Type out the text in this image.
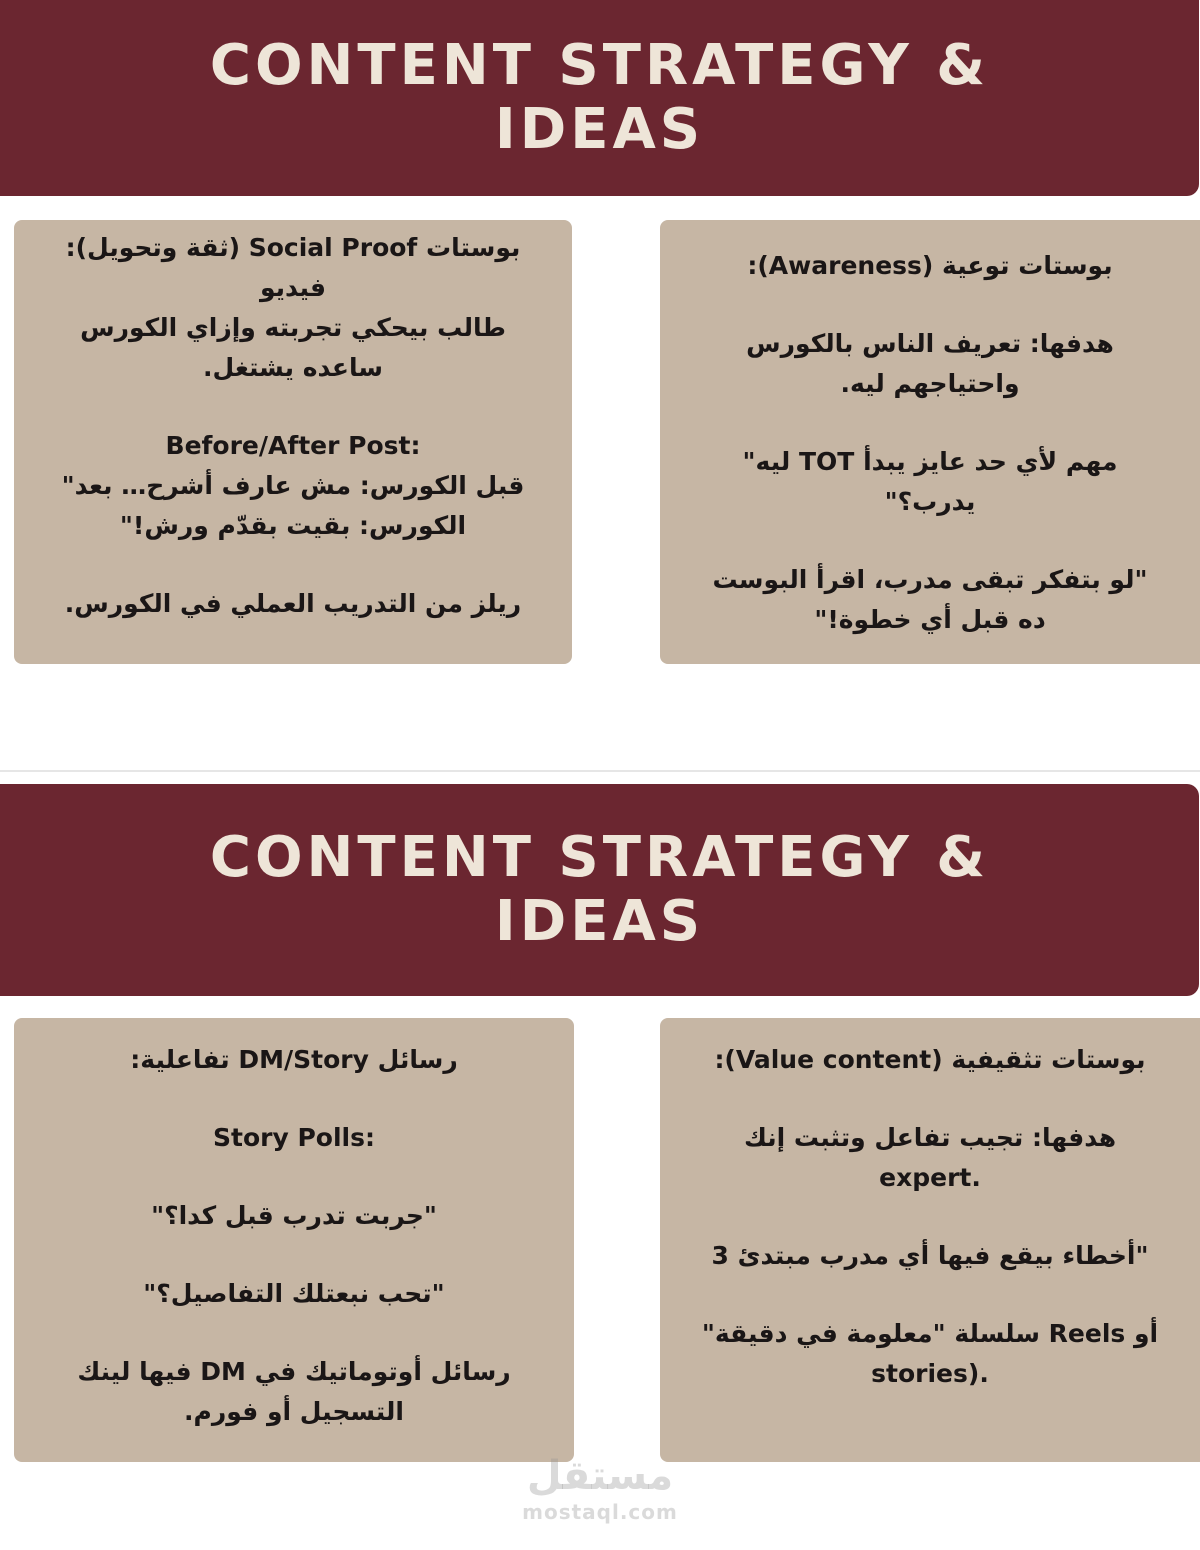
CONTENT STRATEGY &
IDEAS

بوستات Social Proof (ثقة وتحويل):

فيديو

طالب بيحكي تجربته وإزاي الكورس

ساعده يشتغل.

Before/After Post:

قبل الكورس: مش عارف أشرح… بعد"

الكورس: بقيت بقدّم ورش!"

ريلز من التدريب العملي في الكورس.

بوستات توعية (Awareness):

هدفها: تعريف الناس بالكورس

واحتياجهم ليه.

مهم لأي حد عايز يبدأ TOT ليه"

يدرب؟"

"لو بتفكر تبقى مدرب، اقرأ البوست

ده قبل أي خطوة!"

CONTENT STRATEGY &
IDEAS

رسائل DM/Story تفاعلية:

Story Polls:

"جربت تدرب قبل كدا؟"

"تحب نبعتلك التفاصيل؟"

رسائل أوتوماتيك في DM فيها لينك

التسجيل أو فورم.

بوستات تثقيفية (Value content):

هدفها: تجيب تفاعل وتثبت إنك

expert.

"أخطاء بيقع فيها أي مدرب مبتدئ 3

أو Reels سلسلة "معلومة في دقيقة"

stories).

مستقل
mostaql.com
